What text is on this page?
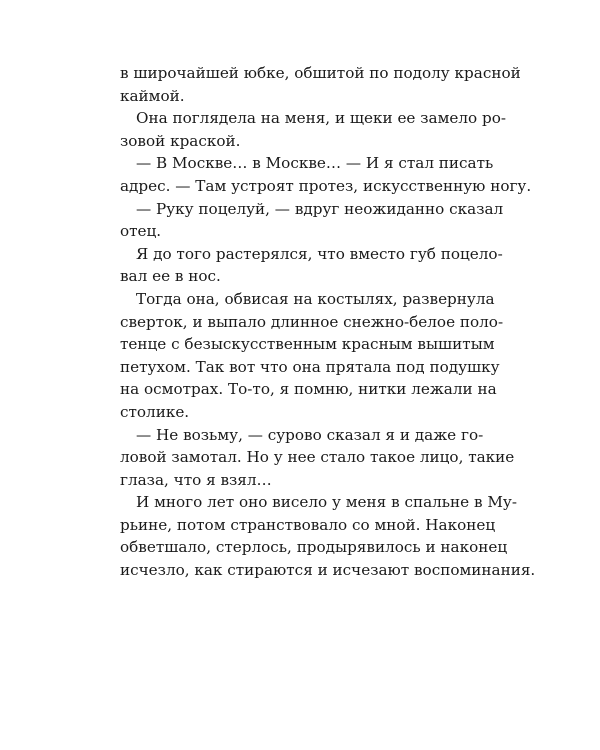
в широчайшей юбке, обшитой по подолу красной
каймой.
Она поглядела на меня, и щеки ее замело ро-
зовой краской.
— В Москве… в Москве… — И я стал писать
адрес. — Там устроят протез, искусственную ногу.
— Руку поцелуй, — вдруг неожиданно сказал
отец.
Я до того растерялся, что вместо губ поцело-
вал ее в нос.
Тогда она, обвисая на костылях, развернула
сверток, и выпало длинное снежно-белое поло-
тенце с безыскусственным красным вышитым
петухом. Так вот что она прятала под подушку
на осмотрах. То-то, я помню, нитки лежали на
столике.
— Не возьму, — сурово сказал я и даже го-
ловой замотал. Но у нее стало такое лицо, такие
глаза, что я взял…
И много лет оно висело у меня в спальне в Му-
рьине, потом странствовало со мной. Наконец
обветшало, стерлось, продырявилось и наконец
исчезло, как стираются и исчезают воспоминания.
